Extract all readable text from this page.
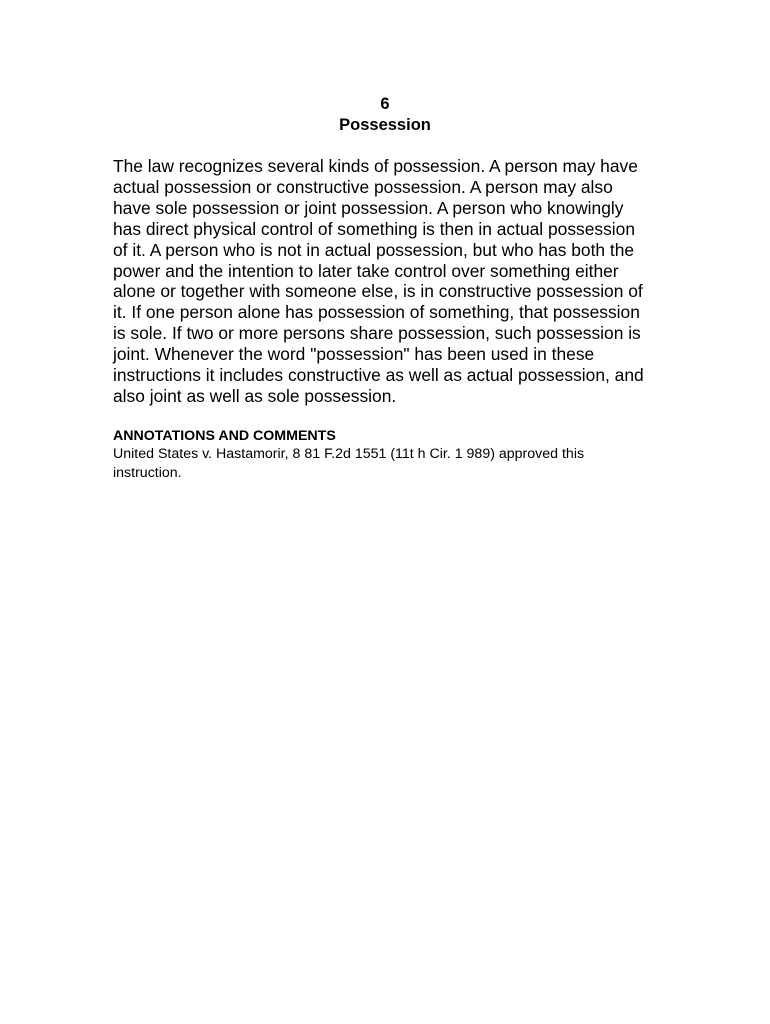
6
Possession
The law recognizes several kinds of possession. A person may have
actual possession or constructive possession. A person may also
have sole possession or joint possession. A person who knowingly
has direct physical control of something is then in actual possession
of it. A person who is not in actual possession, but who has both the
power and the intention to later take control over something either
alone or together with someone else, is in constructive possession of
it. If one person alone has possession of something, that possession
is sole. If two or more persons share possession, such possession is
joint. Whenever the word "possession" has been used in these
instructions it includes constructive as well as actual possession, and
also joint as well as sole possession.
ANNOTATIONS AND COMMENTS
United States v. Hastamorir, 8 81 F.2d 1551 (11t h Cir. 1 989) approved this
instruction.
